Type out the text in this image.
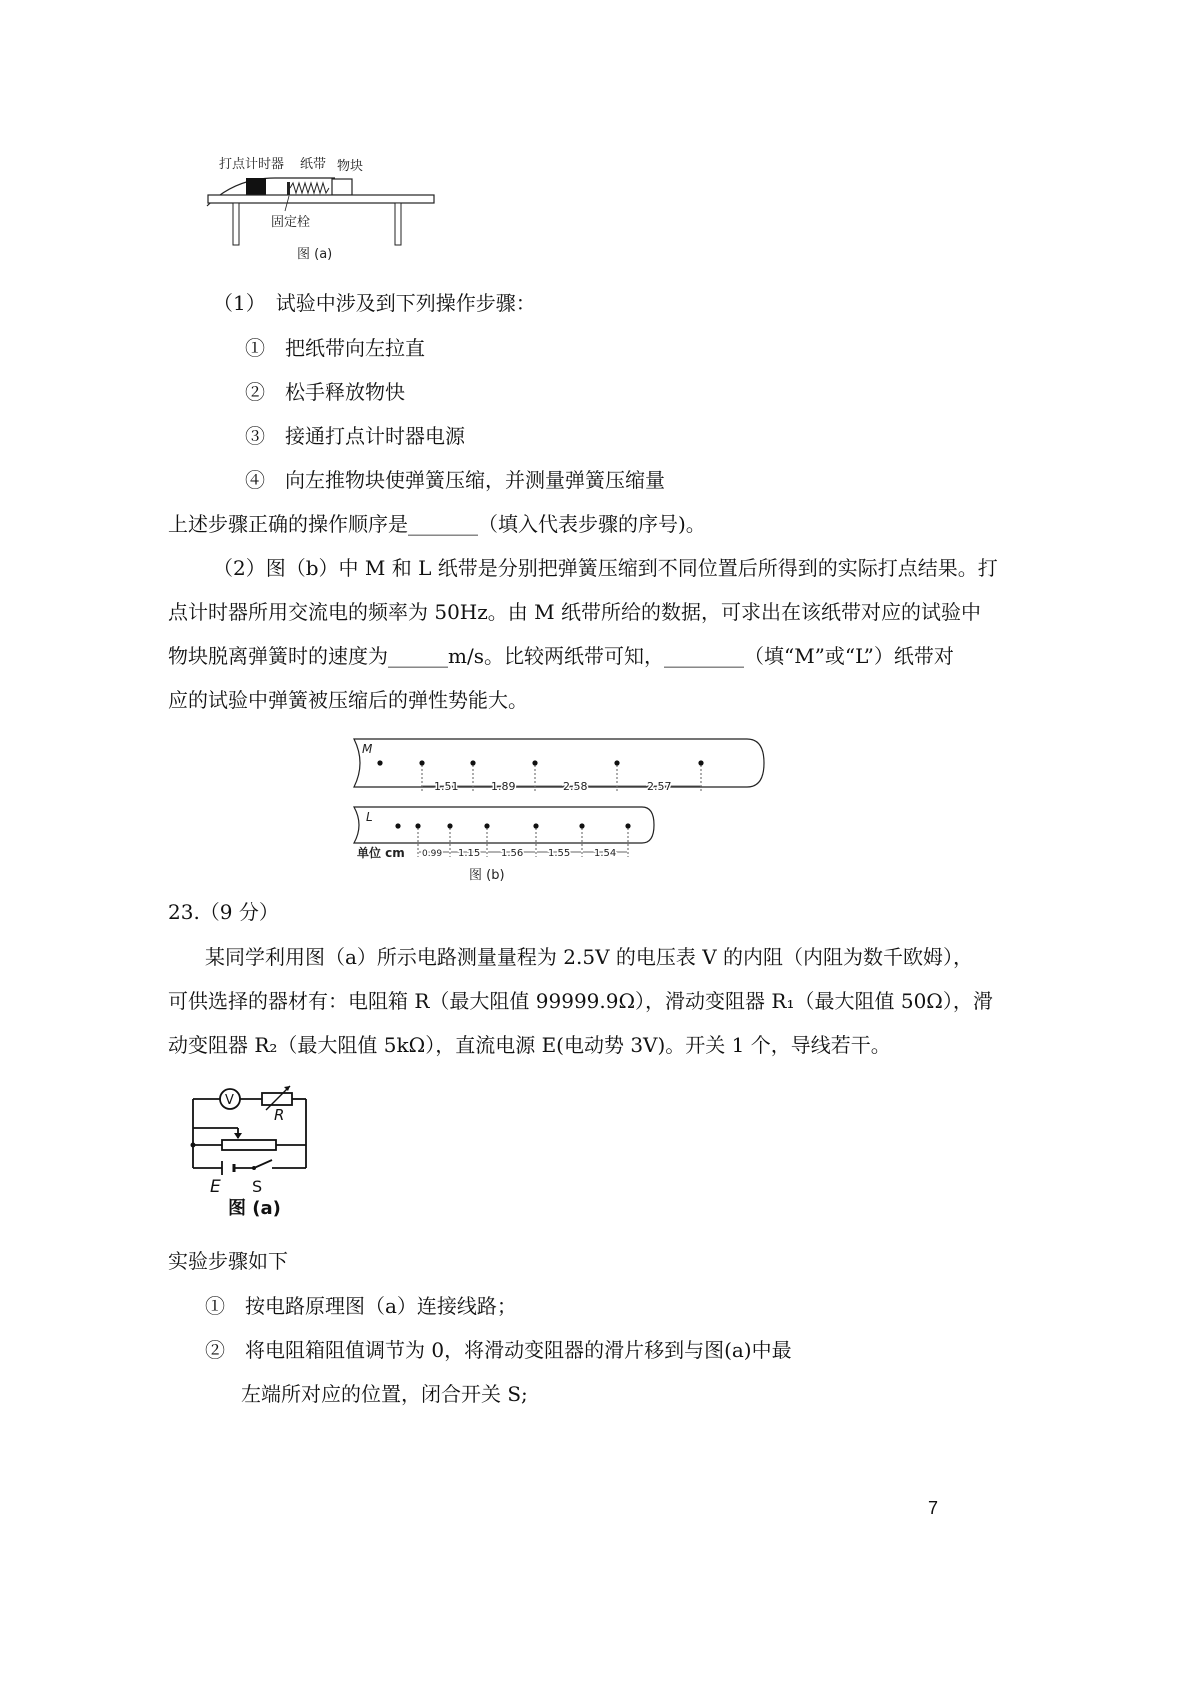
打点计时器 纸带 物块
固定栓
图 (a)
（1）　试验中涉及到下列操作步骤：
①　把纸带向左拉直
②　松手释放物快
③　接通打点计时器电源
④　向左推物块使弹簧压缩，并测量弹簧压缩量
上述步骤正确的操作顺序是_______（填入代表步骤的序号)。
（2）图（b）中 M 和 L 纸带是分别把弹簧压缩到不同位置后所得到的实际打点结果。打
点计时器所用交流电的频率为 50Hz。由 M 纸带所给的数据，可求出在该纸带对应的试验中
物块脱离弹簧时的速度为______m/s。比较两纸带可知，________（填“M”或“L”）纸带对
应的试验中弹簧被压缩后的弹性势能大。
M
1.51	1.89	2.58	2.57
L
单位 cm 0.99 1.15 1.56 1.55 1.54
图 (b)
23.（9 分）
某同学利用图（a）所示电路测量量程为 2.5V 的电压表 V 的内阻（内阻为数千欧姆），
可供选择的器材有：电阻箱 R（最大阻值 99999.9Ω），滑动变阻器 R₁（最大阻值 50Ω），滑
动变阻器 R₂（最大阻值 5kΩ），直流电源 E(电动势 3V)。开关 1 个，导线若干。
V
R
E S
图 (a)
实验步骤如下
①　按电路原理图（a）连接线路；
②　将电阻箱阻值调节为 0，将滑动变阻器的滑片移到与图(a)中最
左端所对应的位置，闭合开关 S;
7
